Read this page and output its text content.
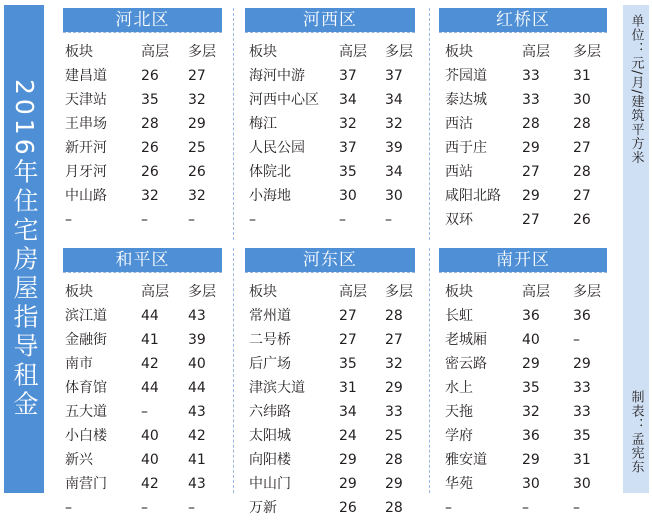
2016年住宅房屋指导租金
河北区
板块	高层 多层
建昌道 26 27
天津站 35 32
王串场 28 29
新开河 26 25
月牙河 26 26
中山路 32 32
–	–	–
河西区
板块	高层 多层
海河中游 37 37
河西中心区 34 34
梅江	32 32
人民公园 37 39
体院北	35 34
小海地	30 30
–	–	–
红桥区
板块	高层 多层
芥园道	33 31
泰达城	33 30
西沽	28 28
西于庄	29 27
西站	27 28
咸阳北路 29 27
双环	27 26
和平区
板块	高层 多层
滨江道 44 43
金融街 41 39
南市	42 40
体育馆 44 44
五大道 –	43
小白楼 40 42
新兴	40 41
南营门 42 43
–	–	–
河东区
板块	高层 多层
常州道	27 28
二号桥	27 27
后广场	35 32
津滨大道 31 29
六纬路	34 33
太阳城	24 25
向阳楼	29 28
中山门	29 29
万新	26 28
南开区
板块	高层 多层
长虹	36 36
老城厢	40 –
密云路	29 29
水上	35 33
天拖	32 33
学府	36 35
雅安道	29 31
华苑	30 30
–	–	–
单位：元/月/建筑平方米
制表：孟宪东
